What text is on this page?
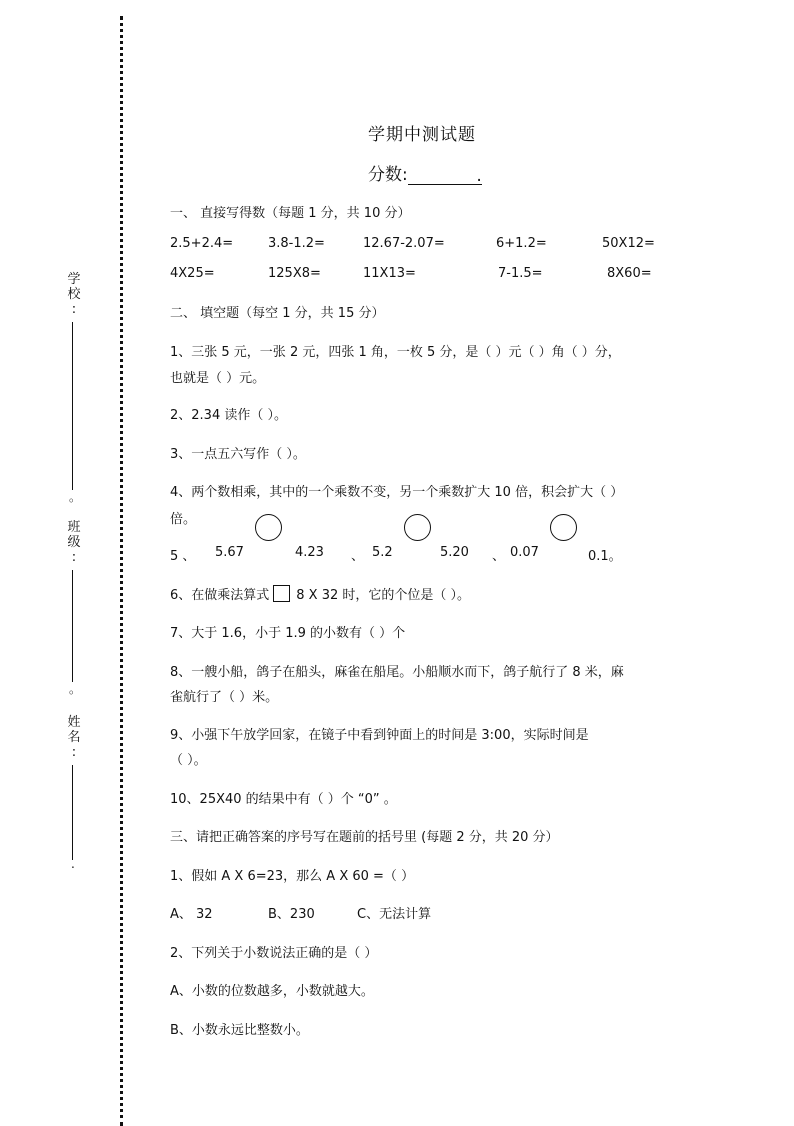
学
校
:
。
班
级
:
。
姓
名
:
.
学期中测试题
分数:	.
一、 直接写得数（每题 1 分，共 10 分）
2.5+2.4=	3.8-1.2=	12.67-2.07=	6+1.2=	50X12=
4X25=	125X8=	11X13=	7-1.5=	8X60=
二、 填空题（每空 1 分，共 15 分）
1、三张 5 元，一张 2 元，四张 1 角，一枚 5 分，是（ ）元（ ）角（ ）分，
也就是（ ）元。
2、2.34 读作（ ）。
3、一点五六写作（ ）。
4、两个数相乘，其中的一个乘数不变，另一个乘数扩大 10 倍，积会扩大（ ）
倍。
5 、 5.67	4.23 、 5.2	5.20 、 0.07	0.1。
6、在做乘法算式 8 X 32 时，它的个位是（ ）。
7、大于 1.6，小于 1.9 的小数有（ ）个
8、一艘小船，鸽子在船头，麻雀在船尾。小船顺水而下，鸽子航行了 8 米，麻
雀航行了（ ）米。
9、小强下午放学回家，在镜子中看到钟面上的时间是 3:00，实际时间是
（ ）。
10、25X40 的结果中有（ ）个 “0” 。
三、请把正确答案的序号写在题前的括号里 (每题 2 分，共 20 分）
1、假如 A X 6=23，那么 A X 60 =（ ）
A、 32	B、230	C、无法计算
2、下列关于小数说法正确的是（ ）
A、小数的位数越多，小数就越大。
B、小数永远比整数小。
